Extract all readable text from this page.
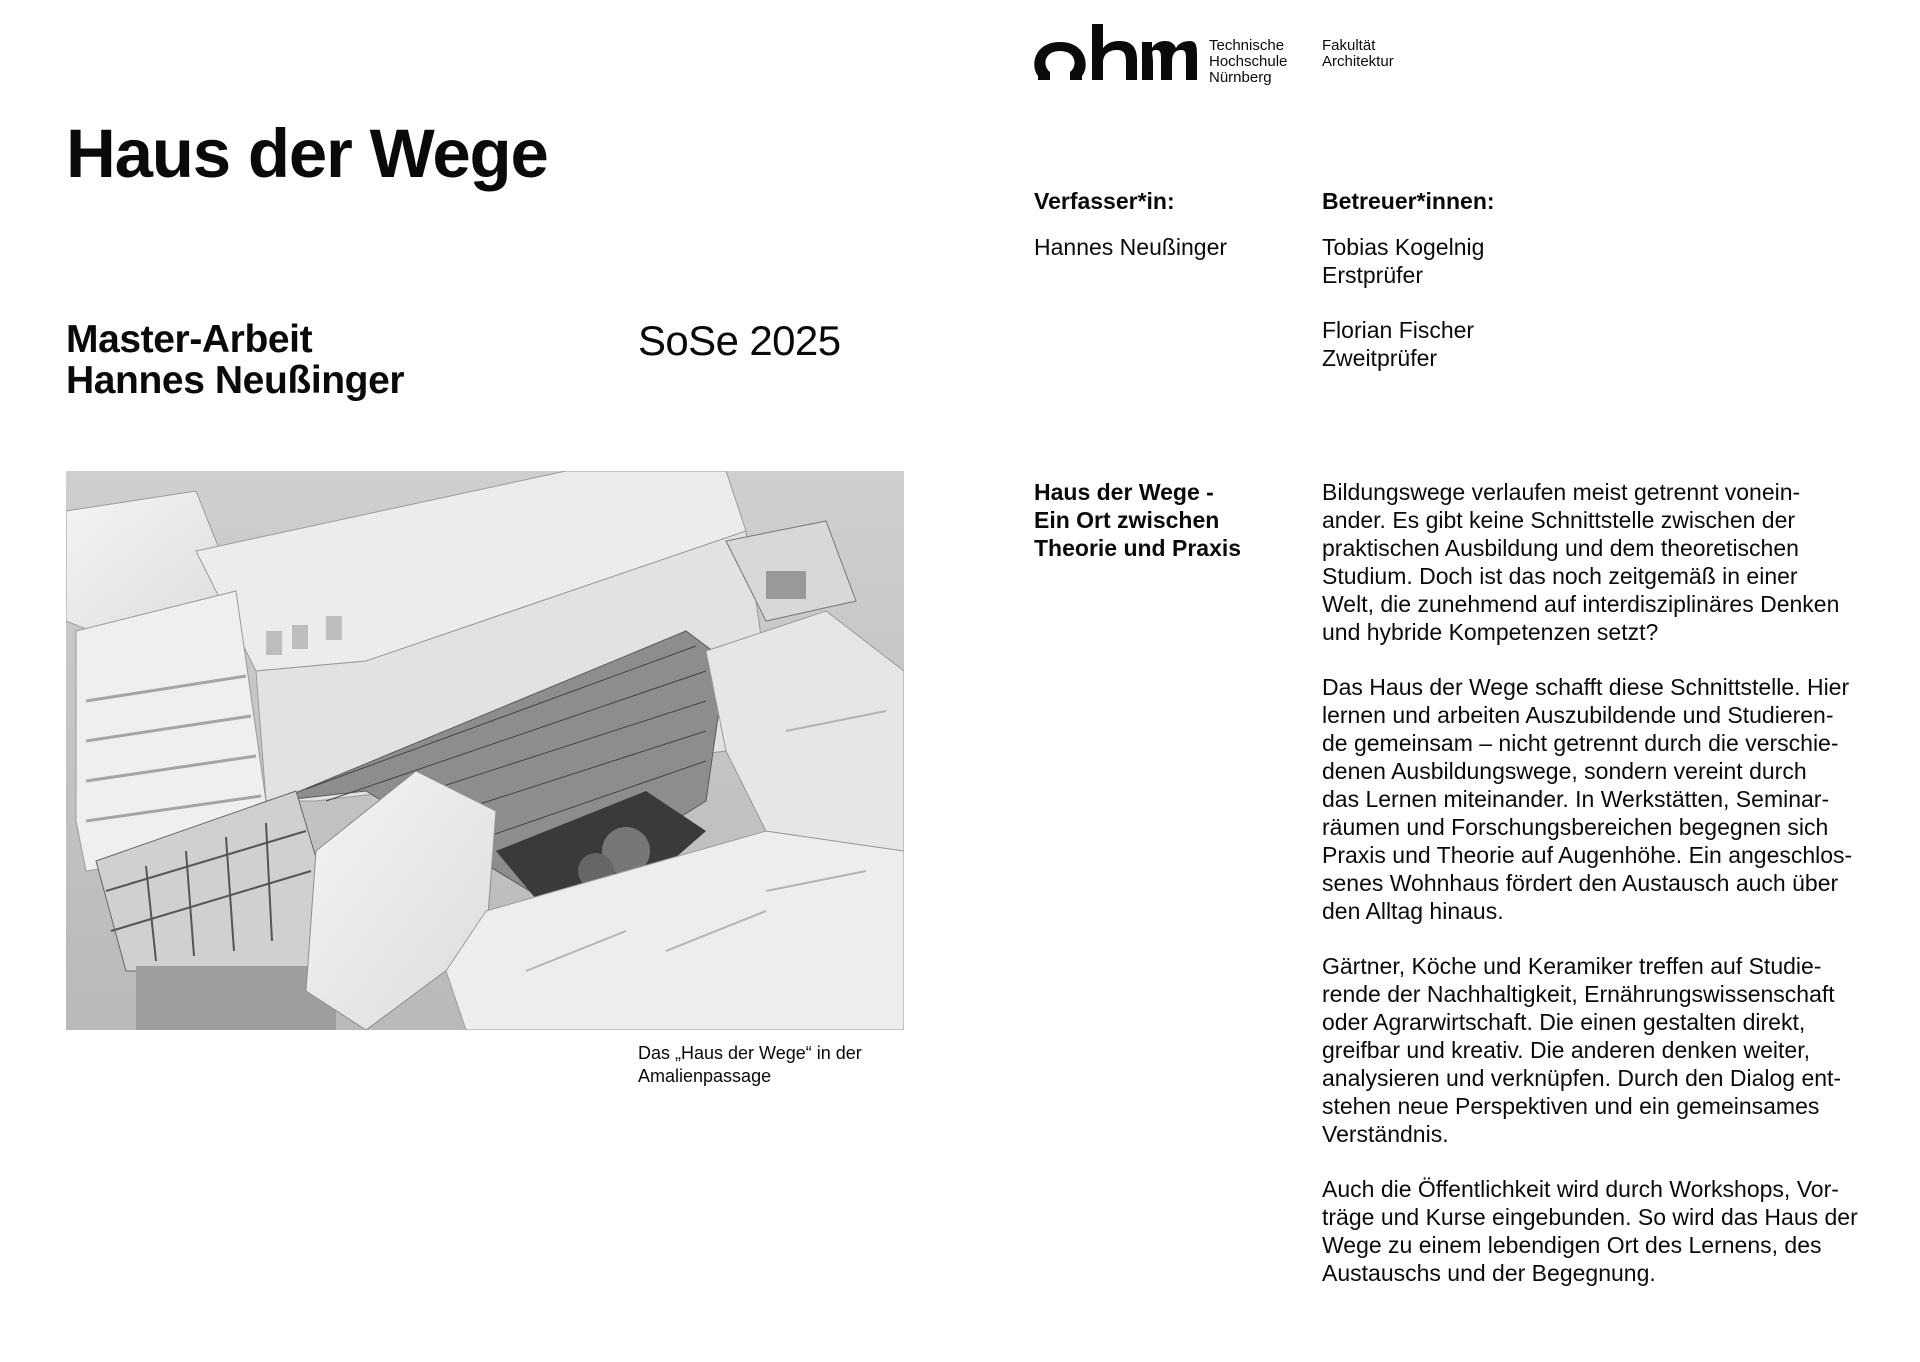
Haus der Wege
Master-Arbeit
Hannes Neußinger
SoSe 2025
Das „Haus der Wege“ in der
Amalienpassage
Technische
Hochschule
Nürnberg
Fakultät
Architektur
Verfasser*in:
Hannes Neußinger
Betreuer*innen:
Tobias Kogelnig
Erstprüfer
Florian Fischer
Zweitprüfer
Haus der Wege -
Ein Ort zwischen
Theorie und Praxis

Bildungswege verlaufen meist getrennt vonein-
ander. Es gibt keine Schnittstelle zwischen der
praktischen Ausbildung und dem theoretischen
Studium. Doch ist das noch zeitgemäß in einer
Welt, die zunehmend auf interdisziplinäres Denken
und hybride Kompetenzen setzt?

Das Haus der Wege schafft diese Schnittstelle. Hier
lernen und arbeiten Auszubildende und Studieren-
de gemeinsam – nicht getrennt durch die verschie-
denen Ausbildungswege, sondern vereint durch
das Lernen miteinander. In Werkstätten, Seminar-
räumen und Forschungsbereichen begegnen sich
Praxis und Theorie auf Augenhöhe. Ein angeschlos-
senes Wohnhaus fördert den Austausch auch über
den Alltag hinaus.

Gärtner, Köche und Keramiker treffen auf Studie-
rende der Nachhaltigkeit, Ernährungswissenschaft
oder Agrarwirtschaft. Die einen gestalten direkt,
greifbar und kreativ. Die anderen denken weiter,
analysieren und verknüpfen. Durch den Dialog ent-
stehen neue Perspektiven und ein gemeinsames
Verständnis.

Auch die Öffentlichkeit wird durch Workshops, Vor-
träge und Kurse eingebunden. So wird das Haus der
Wege zu einem lebendigen Ort des Lernens, des
Austauschs und der Begegnung.
